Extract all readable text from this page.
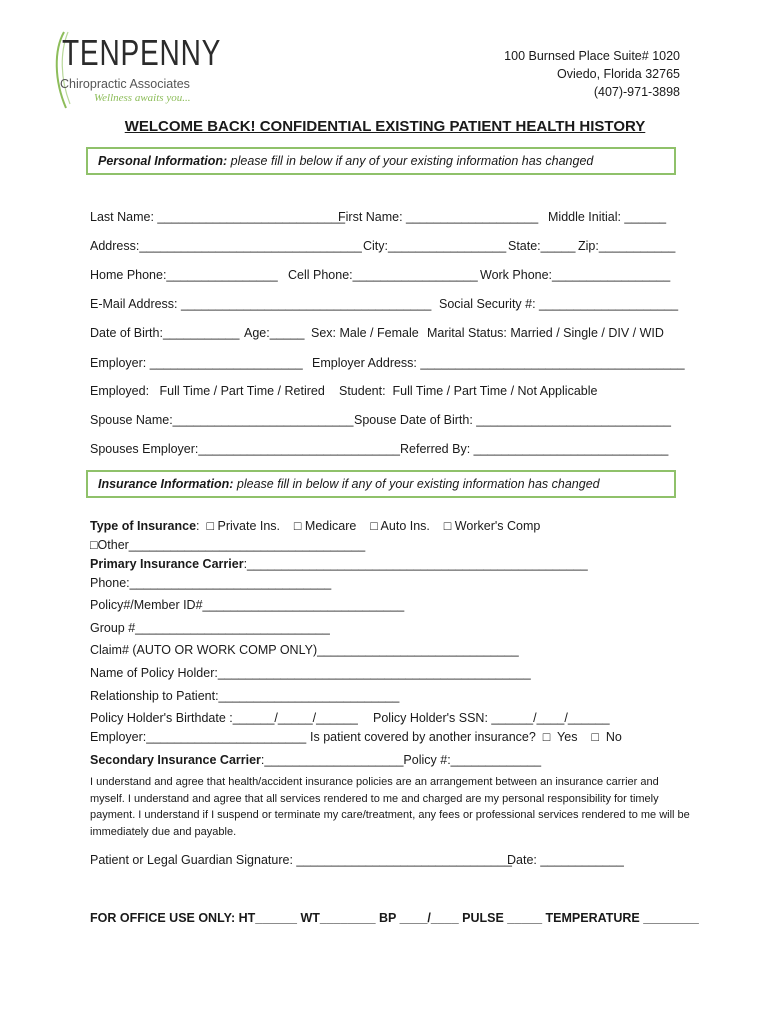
TENPENNY
Chiropractic Associates
Wellness awaits you...
100 Burnsed Place Suite# 1020
Oviedo, Florida 32765
(407)-971-3898
WELCOME BACK! CONFIDENTIAL EXISTING PATIENT HEALTH HISTORY
Personal Information: please fill in below if any of your existing information has changed
Last Name: ___________________________
First Name: ___________________ Middle Initial: ______
Address:________________________________ City:_________________ State:_____ Zip:___________
Home Phone:________________ Cell Phone:__________________ Work Phone:_________________
E-Mail Address: ____________________________________ Social Security #: ____________________
Date of Birth:___________ Age:_____ Sex: Male / Female Marital Status: Married / Single / DIV / WID
Employer: ______________________ Employer Address: ______________________________________
Employed:   Full Time / Part Time / Retired Student:  Full Time / Part Time / Not Applicable
Spouse Name:__________________________ Spouse Date of Birth: ____________________________
Spouses Employer:_____________________________ Referred By: ____________________________
Insurance Information: please fill in below if any of your existing information has changed
Type of Insurance:  □ Private Ins.    □ Medicare    □ Auto Ins.    □ Worker's Comp
□Other__________________________________
Primary Insurance Carrier:_________________________________________________
Phone:_____________________________
Policy#/Member ID#_____________________________
Group #____________________________
Claim# (AUTO OR WORK COMP ONLY)_____________________________
Name of Policy Holder:_____________________________________________
Relationship to Patient:__________________________
Policy Holder's Birthdate :______/_____/______ Policy Holder's SSN: ______/____/______
Employer:_______________________ Is patient covered by another insurance?  □  Yes    □  No
Secondary Insurance Carrier:____________________Policy #:_____________
I understand and agree that health/accident insurance policies are an arrangement between an insurance carrier and myself. I understand and agree that all services rendered to me and charged are my personal responsibility for timely payment. I understand if I suspend or terminate my care/treatment, any fees or professional services rendered to me will be immediately due and payable.
Patient or Legal Guardian Signature: _______________________________
Date: ____________
FOR OFFICE USE ONLY: HT______ WT________ BP ____/____ PULSE _____ TEMPERATURE ________
